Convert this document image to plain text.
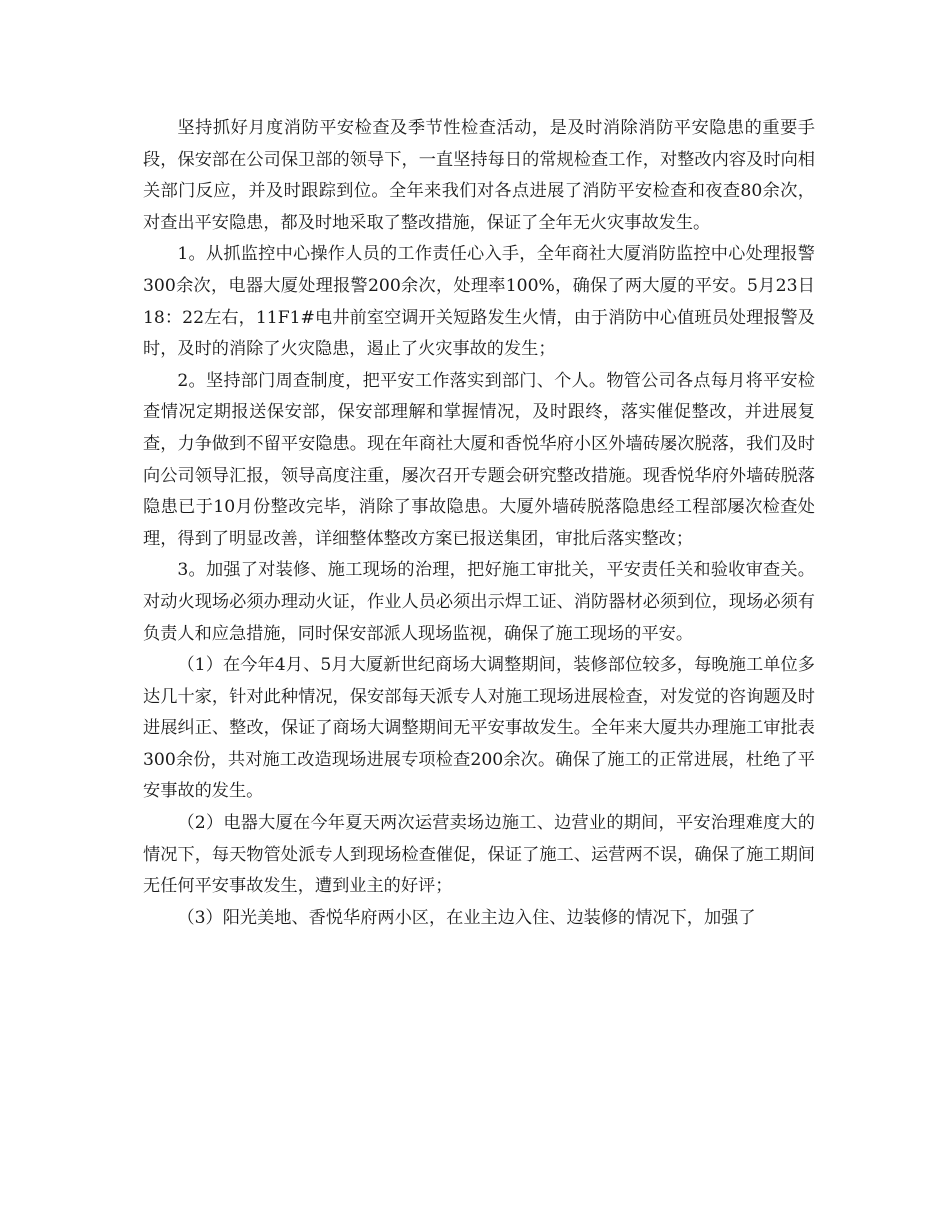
坚持抓好月度消防平安检查及季节性检查活动，是及时消除消防平安隐患的重要手段，保安部在公司保卫部的领导下，一直坚持每日的常规检查工作，对整改内容及时向相关部门反应，并及时跟踪到位。全年来我们对各点进展了消防平安检查和夜查80余次，对查出平安隐患，都及时地采取了整改措施，保证了全年无火灾事故发生。

1。从抓监控中心操作人员的工作责任心入手，全年商社大厦消防监控中心处理报警300余次，电器大厦处理报警200余次，处理率100%，确保了两大厦的平安。5月23日18：22左右，11F1#电井前室空调开关短路发生火情，由于消防中心值班员处理报警及时，及时的消除了火灾隐患，遏止了火灾事故的发生；

2。坚持部门周查制度，把平安工作落实到部门、个人。物管公司各点每月将平安检查情况定期报送保安部，保安部理解和掌握情况，及时跟终，落实催促整改，并进展复查，力争做到不留平安隐患。现在年商社大厦和香悦华府小区外墙砖屡次脱落，我们及时向公司领导汇报，领导高度注重，屡次召开专题会研究整改措施。现香悦华府外墙砖脱落隐患已于10月份整改完毕，消除了事故隐患。大厦外墙砖脱落隐患经工程部屡次检查处理，得到了明显改善，详细整体整改方案已报送集团，审批后落实整改；

3。加强了对装修、施工现场的治理，把好施工审批关，平安责任关和验收审查关。对动火现场必须办理动火证，作业人员必须出示焊工证、消防器材必须到位，现场必须有负责人和应急措施，同时保安部派人现场监视，确保了施工现场的平安。

（1）在今年4月、5月大厦新世纪商场大调整期间，装修部位较多，每晚施工单位多达几十家，针对此种情况，保安部每天派专人对施工现场进展检查，对发觉的咨询题及时进展纠正、整改，保证了商场大调整期间无平安事故发生。全年来大厦共办理施工审批表300余份，共对施工改造现场进展专项检查200余次。确保了施工的正常进展，杜绝了平安事故的发生。

（2）电器大厦在今年夏天两次运营卖场边施工、边营业的期间，平安治理难度大的情况下，每天物管处派专人到现场检查催促，保证了施工、运营两不误，确保了施工期间无任何平安事故发生，遭到业主的好评；

（3）阳光美地、香悦华府两小区，在业主边入住、边装修的情况下，加强了
